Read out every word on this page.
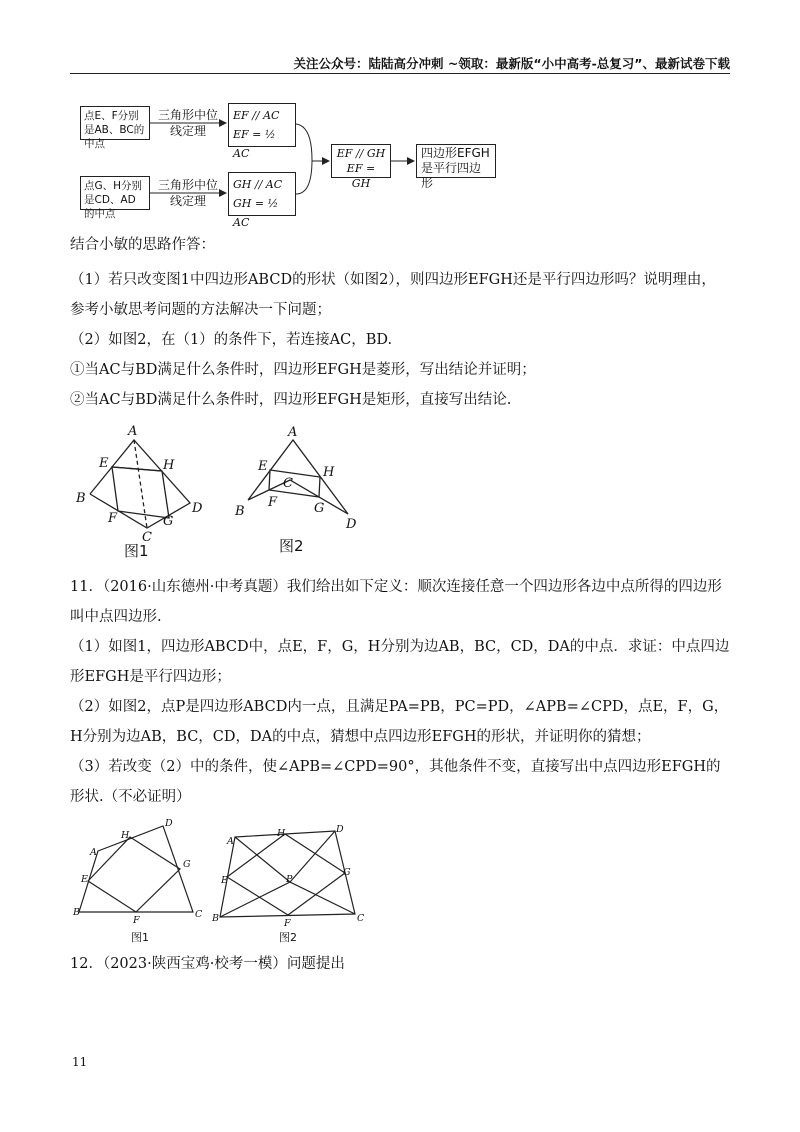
关注公众号：陆陆高分冲刺 ~领取：最新版“小中高考-总复习”、最新试卷下载
点E、F分别是AB、BC的中点
点G、H分别是CD、AD的中点
三角形中位线定理
三角形中位线定理
EF // AC
EF = ½ AC
GH // AC
GH = ½ AC
EF // GH
EF = GH
四边形EFGH是平行四边形
结合小敏的思路作答：
（1）若只改变图1中四边形ABCD的形状（如图2），则四边形EFGH还是平行四边形吗？说明理由，参考小敏思考问题的方法解决一下问题；
（2）如图2，在（1）的条件下，若连接AC，BD.
①当AC与BD满足什么条件时，四边形EFGH是菱形，写出结论并证明；
②当AC与BD满足什么条件时，四边形EFGH是矩形，直接写出结论.
A
B
C
D
E
F	G
H
A
B
C
D
E
F	G
H
图1	图2
11．（2016·山东德州·中考真题）我们给出如下定义：顺次连接任意一个四边形各边中点所得的四边形叫中点四边形.
（1）如图1，四边形ABCD中，点E，F，G，H分别为边AB，BC，CD，DA的中点．求证：中点四边形EFGH是平行四边形；
（2）如图2，点P是四边形ABCD内一点，且满足PA=PB，PC=PD，∠APB=∠CPD，点E，F，G，H分别为边AB，BC，CD，DA的中点，猜想中点四边形EFGH的形状，并证明你的猜想；
（3）若改变（2）中的条件，使∠APB=∠CPD=90°，其他条件不变，直接写出中点四边形EFGH的形状.（不必证明）
A
B	C
D
E
F
G
H
A
B	C
D
E
F
G
H
P
图1	图2
12．（2023·陕西宝鸡·校考一模）问题提出
11
